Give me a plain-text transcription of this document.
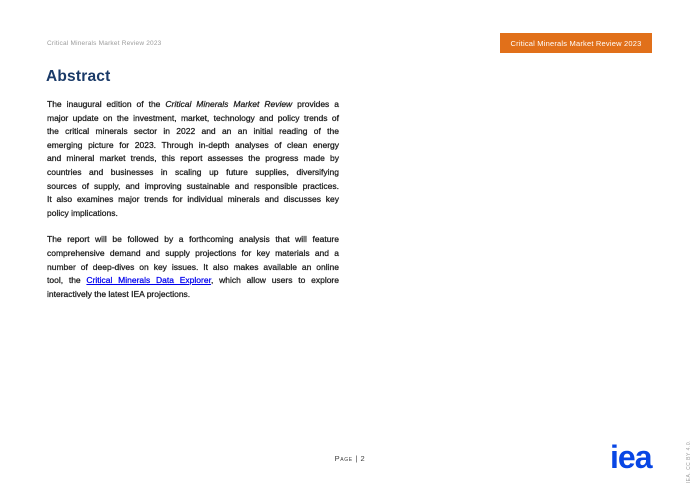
Critical Minerals Market Review 2023	Critical Minerals Market Review 2023
Abstract
The inaugural edition of the Critical Minerals Market Review provides a
major update on the investment, market, technology and policy trends of
the critical minerals sector in 2022 and an an initial reading of the
emerging picture for 2023. Through in-depth analyses of clean energy
and mineral market trends, this report assesses the progress made by
countries and businesses in scaling up future supplies, diversifying
sources of supply, and improving sustainable and responsible practices.
It also examines major trends for individual minerals and discusses key
policy implications.
The report will be followed by a forthcoming analysis that will feature
comprehensive demand and supply projections for key materials and a
number of deep-dives on key issues. It also makes available an online
tool, the Critical Minerals Data Explorer, which allow users to explore
interactively the latest IEA projections.
Page | 2	iea	IEA. CC BY 4.0.
